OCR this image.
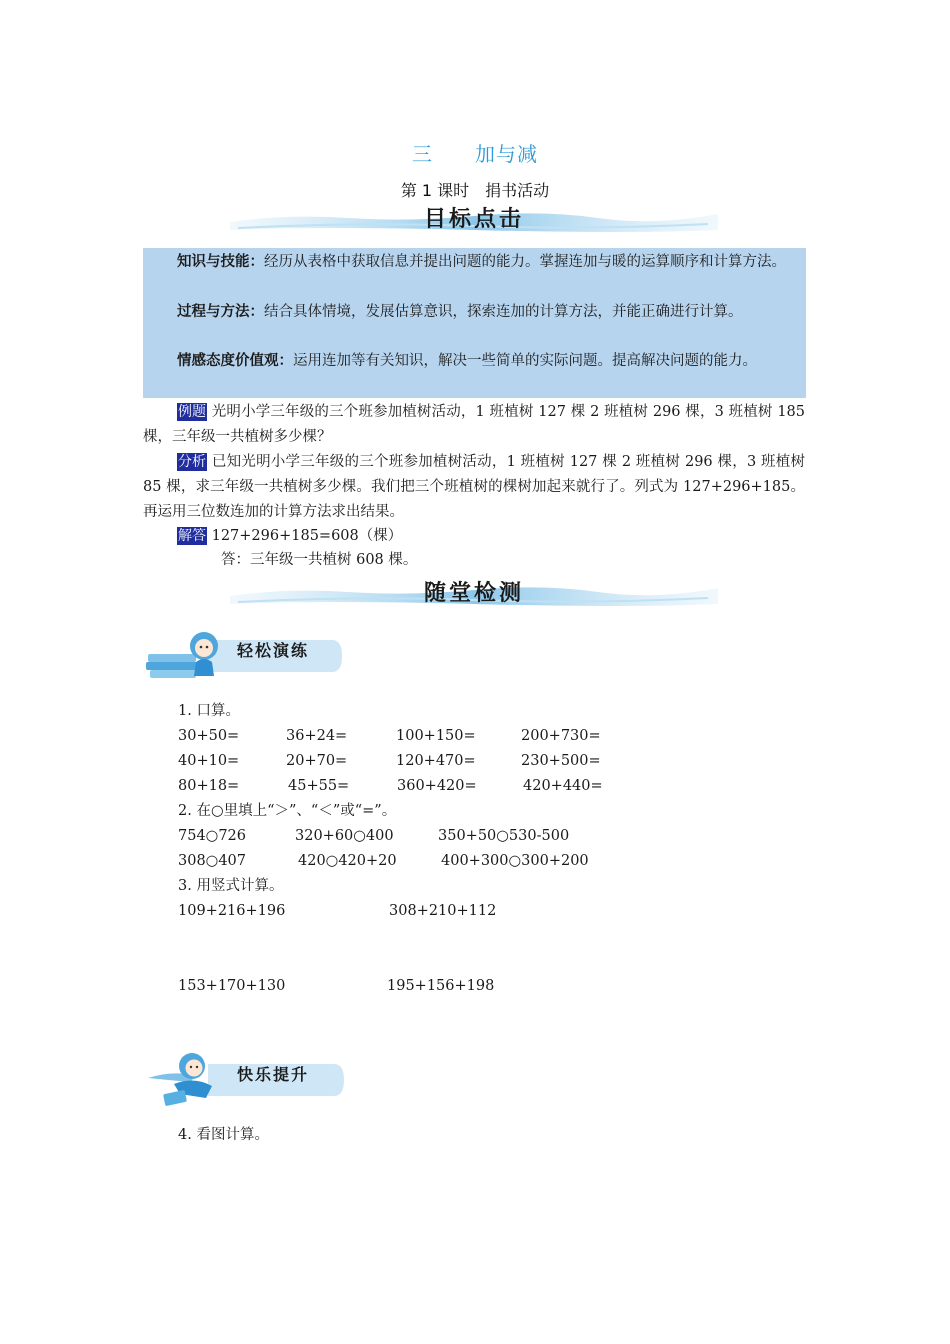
三 加与减
第 1 课时 捐书活动
目标点击
知识与技能：经历从表格中获取信息并提出问题的能力。掌握连加与暖的运算顺序和计算方法。
过程与方法：结合具体情境，发展估算意识，探索连加的计算方法，并能正确进行计算。
情感态度价值观：运用连加等有关知识，解决一些简单的实际问题。提高解决问题的能力。
例题 光明小学三年级的三个班参加植树活动，1 班植树 127 棵 2 班植树 296 棵，3 班植树 185 棵，三年级一共植树多少棵？
分析 已知光明小学三年级的三个班参加植树活动，1 班植树 127 棵 2 班植树 296 棵，3 班植树 85 棵，求三年级一共植树多少棵。我们把三个班植树的棵树加起来就行了。列式为 127+296+185。再运用三位数连加的计算方法求出结果。
解答 127+296+185=608（棵）
答：三年级一共植树 608 棵。
随堂检测
轻松演练
1. 口算。
30+50=	36+24=	100+150=	200+730=
40+10=	20+70=	120+470=	230+500=
80+18=	45+55=	360+420=	420+440=
2. 在○里填上“＞”、“＜”或“=”。
754○726	320+60○400	350+50○530-500
308○407	420○420+20	400+300○300+200
3. 用竖式计算。
109+216+196	308+210+112
153+170+130	195+156+198
快乐提升
4. 看图计算。
